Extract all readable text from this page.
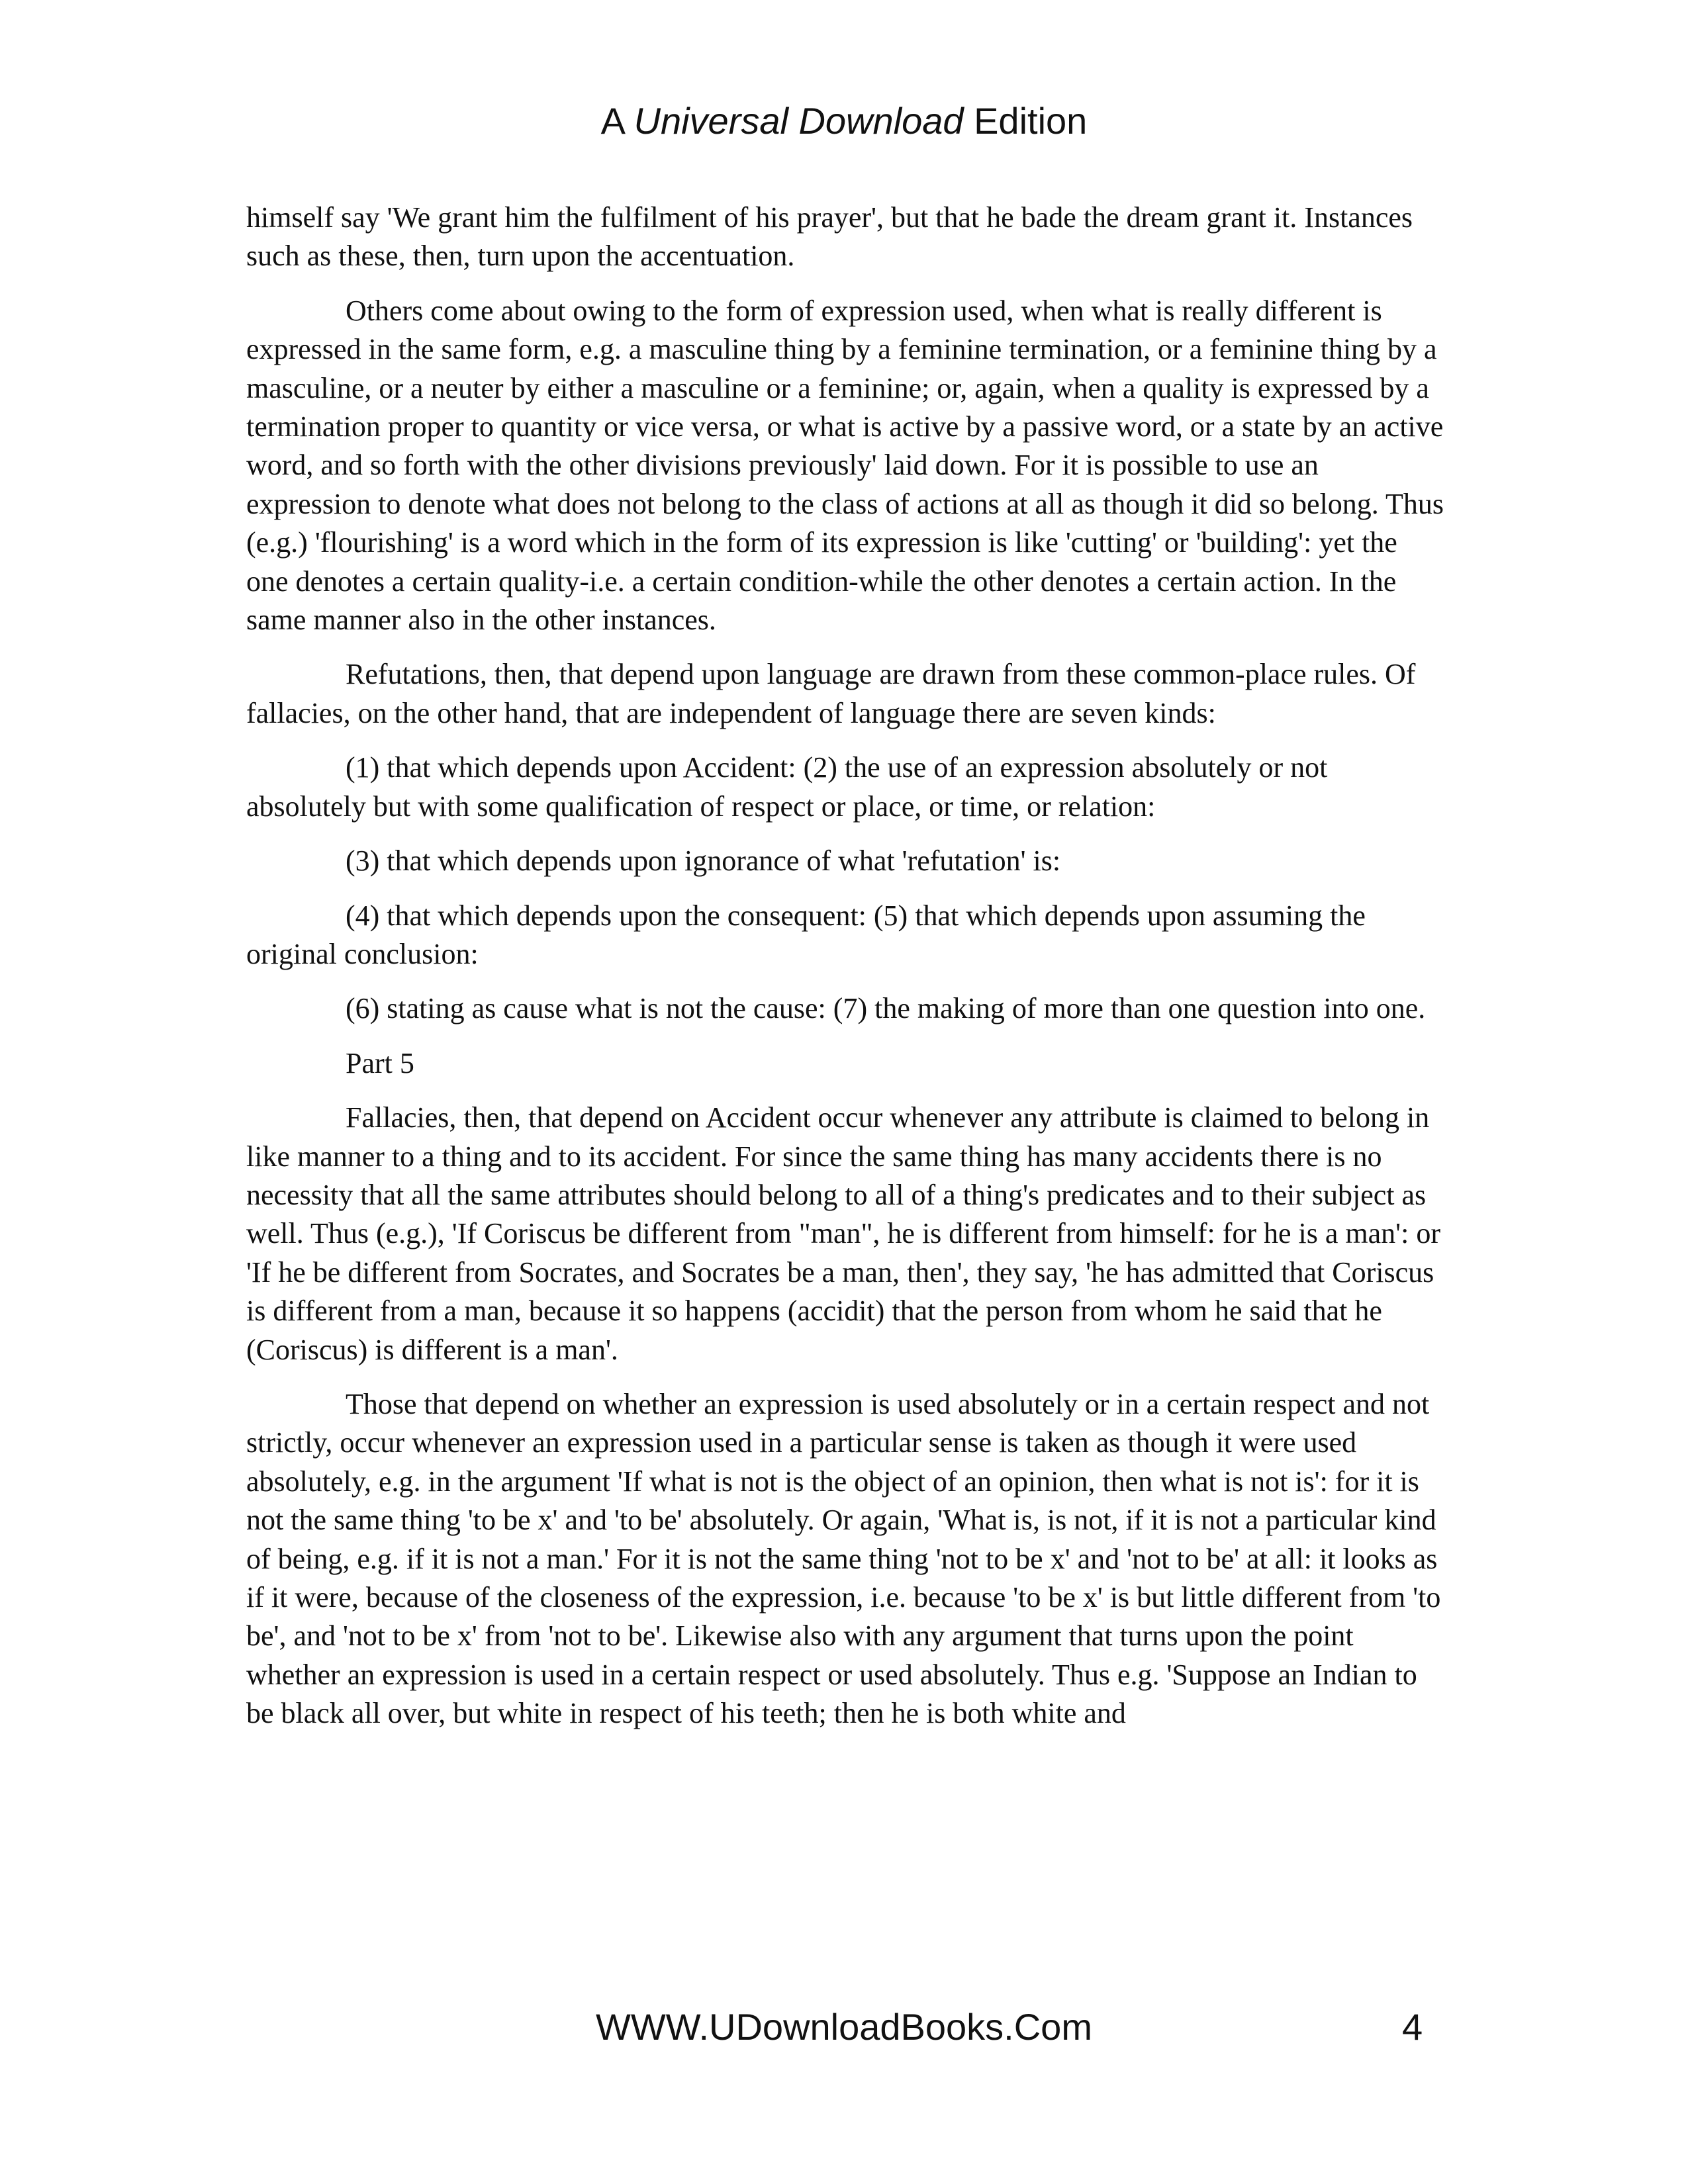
A Universal Download Edition

himself say 'We grant him the fulfilment of his prayer', but that he bade the dream grant it. Instances such as these, then, turn upon the accentuation.

Others come about owing to the form of expression used, when what is really different is expressed in the same form, e.g. a masculine thing by a feminine termination, or a feminine thing by a masculine, or a neuter by either a masculine or a feminine; or, again, when a quality is expressed by a termination proper to quantity or vice versa, or what is active by a passive word, or a state by an active word, and so forth with the other divisions previously' laid down. For it is possible to use an expression to denote what does not belong to the class of actions at all as though it did so belong. Thus (e.g.) 'flourishing' is a word which in the form of its expression is like 'cutting' or 'building': yet the one denotes a certain quality-i.e. a certain condition-while the other denotes a certain action. In the same manner also in the other instances.

Refutations, then, that depend upon language are drawn from these common-place rules. Of fallacies, on the other hand, that are independent of language there are seven kinds:

(1) that which depends upon Accident: (2) the use of an expression absolutely or not absolutely but with some qualification of respect or place, or time, or relation:

(3) that which depends upon ignorance of what 'refutation' is:

(4) that which depends upon the consequent: (5) that which depends upon assuming the original conclusion:

(6) stating as cause what is not the cause: (7) the making of more than one question into one.

Part 5

Fallacies, then, that depend on Accident occur whenever any attribute is claimed to belong in like manner to a thing and to its accident. For since the same thing has many accidents there is no necessity that all the same attributes should belong to all of a thing's predicates and to their subject as well. Thus (e.g.), 'If Coriscus be different from "man", he is different from himself: for he is a man': or 'If he be different from Socrates, and Socrates be a man, then', they say, 'he has admitted that Coriscus is different from a man, because it so happens (accidit) that the person from whom he said that he (Coriscus) is different is a man'.

Those that depend on whether an expression is used absolutely or in a certain respect and not strictly, occur whenever an expression used in a particular sense is taken as though it were used absolutely, e.g. in the argument 'If what is not is the object of an opinion, then what is not is': for it is not the same thing 'to be x' and 'to be' absolutely. Or again, 'What is, is not, if it is not a particular kind of being, e.g. if it is not a man.' For it is not the same thing 'not to be x' and 'not to be' at all: it looks as if it were, because of the closeness of the expression, i.e. because 'to be x' is but little different from 'to be', and 'not to be x' from 'not to be'. Likewise also with any argument that turns upon the point whether an expression is used in a certain respect or used absolutely. Thus e.g. 'Suppose an Indian to be black all over, but white in respect of his teeth; then he is both white and

WWW.UDownloadBooks.Com	4
